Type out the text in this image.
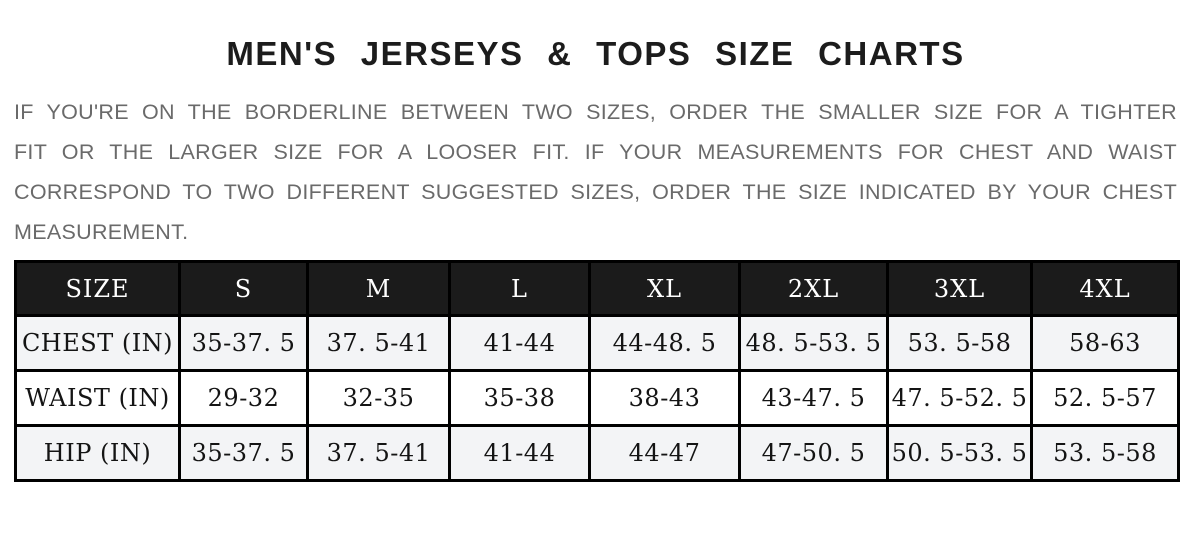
MEN'S JERSEYS & TOPS SIZE CHARTS

IF YOU'RE ON THE BORDERLINE BETWEEN TWO SIZES, ORDER THE SMALLER SIZE FOR A TIGHTER FIT OR THE LARGER SIZE FOR A LOOSER FIT. IF YOUR MEASUREMENTS FOR CHEST AND WAIST CORRESPOND TO TWO DIFFERENT SUGGESTED SIZES, ORDER THE SIZE INDICATED BY YOUR CHEST MEASUREMENT.

SIZE	S	M	L	XL	2XL	3XL	4XL
CHEST (IN)	35-37. 5	37. 5-41	41-44	44-48. 5	48. 5-53. 5	53. 5-58	58-63
WAIST (IN)	29-32	32-35	35-38	38-43	43-47. 5	47. 5-52. 5	52. 5-57
HIP (IN)	35-37. 5	37. 5-41	41-44	44-47	47-50. 5	50. 5-53. 5	53. 5-58
